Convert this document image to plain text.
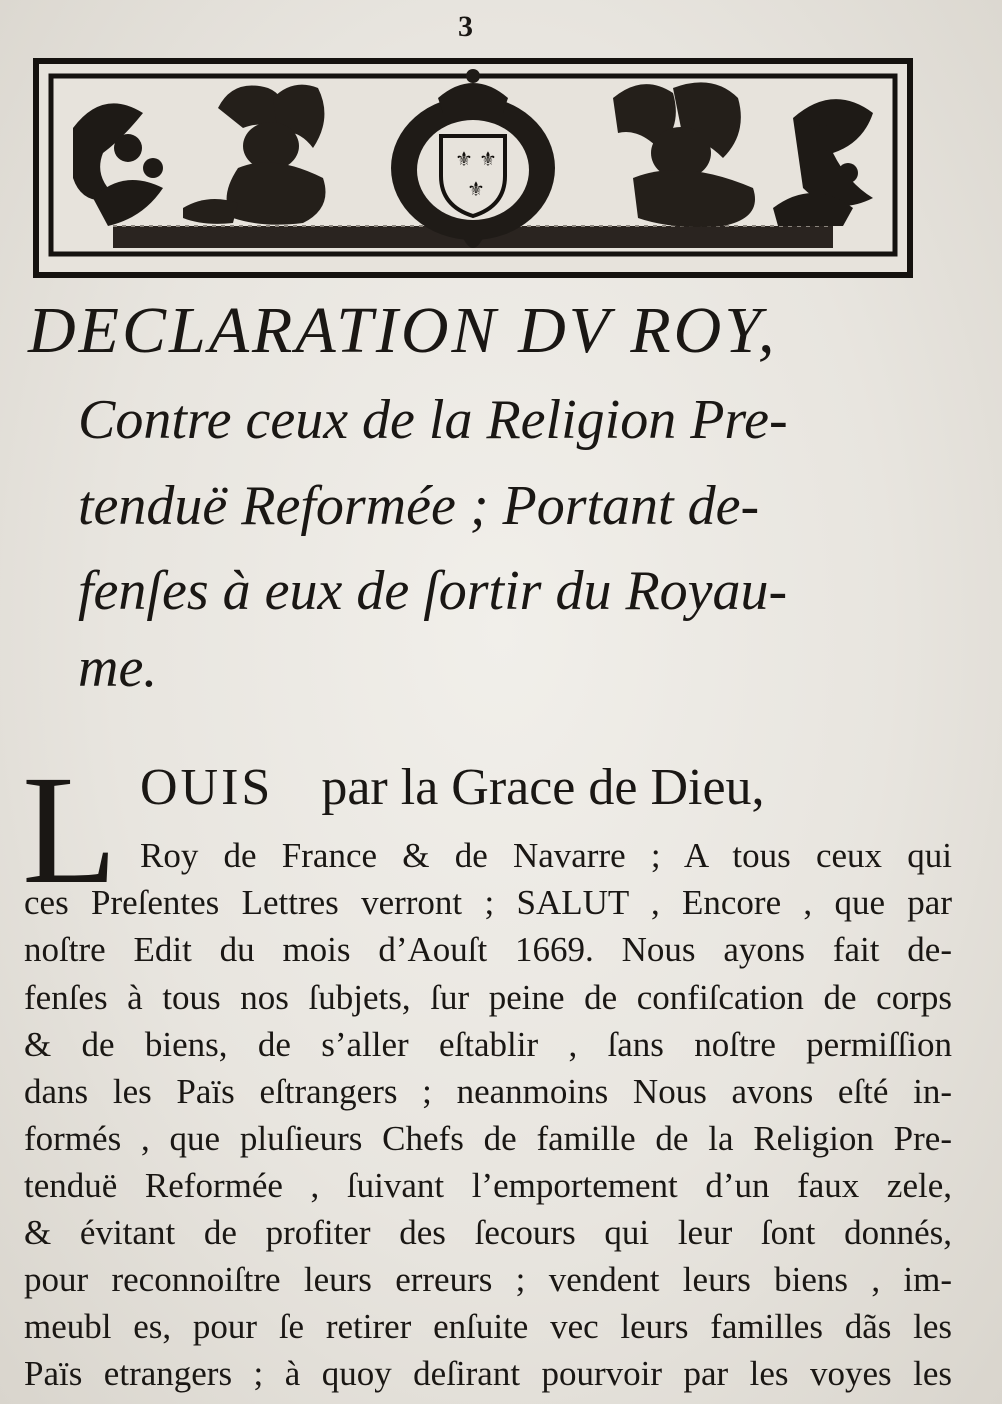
3
⚜ ⚜
⚜
DECLARATION DV ROY,

Contre ceux de la Religion Pre-

tenduë Reformée ; Portant de-

fenſes à eux de ſortir du Royau-

me.

L OUIS par la Grace de Dieu,
Roy de France & de Navarre ; A tous ceux qui
ces Preſentes Lettres verront ; SALUT , Encore , que par
noſtre Edit du mois d’Aouſt 1669. Nous ayons fait de-
fenſes à tous nos ſubjets, ſur peine de confiſcation de corps
& de biens, de s’aller eſtablir , ſans noſtre permiſſion
dans les Païs eſtrangers ; neanmoins Nous avons eſté in-
formés , que pluſieurs Chefs de famille de la Religion Pre-
tenduë Reformée , ſuivant l’emportement d’un faux zele,
& évitant de profiter des ſecours qui leur ſont donnés,
pour reconnoiſtre leurs erreurs ; vendent leurs biens , im-
meubl es, pour ſe retirer enſuite vec leurs familles dãs les
Païs etrangers ; à quoy deſirant pourvoir par les voyes les
